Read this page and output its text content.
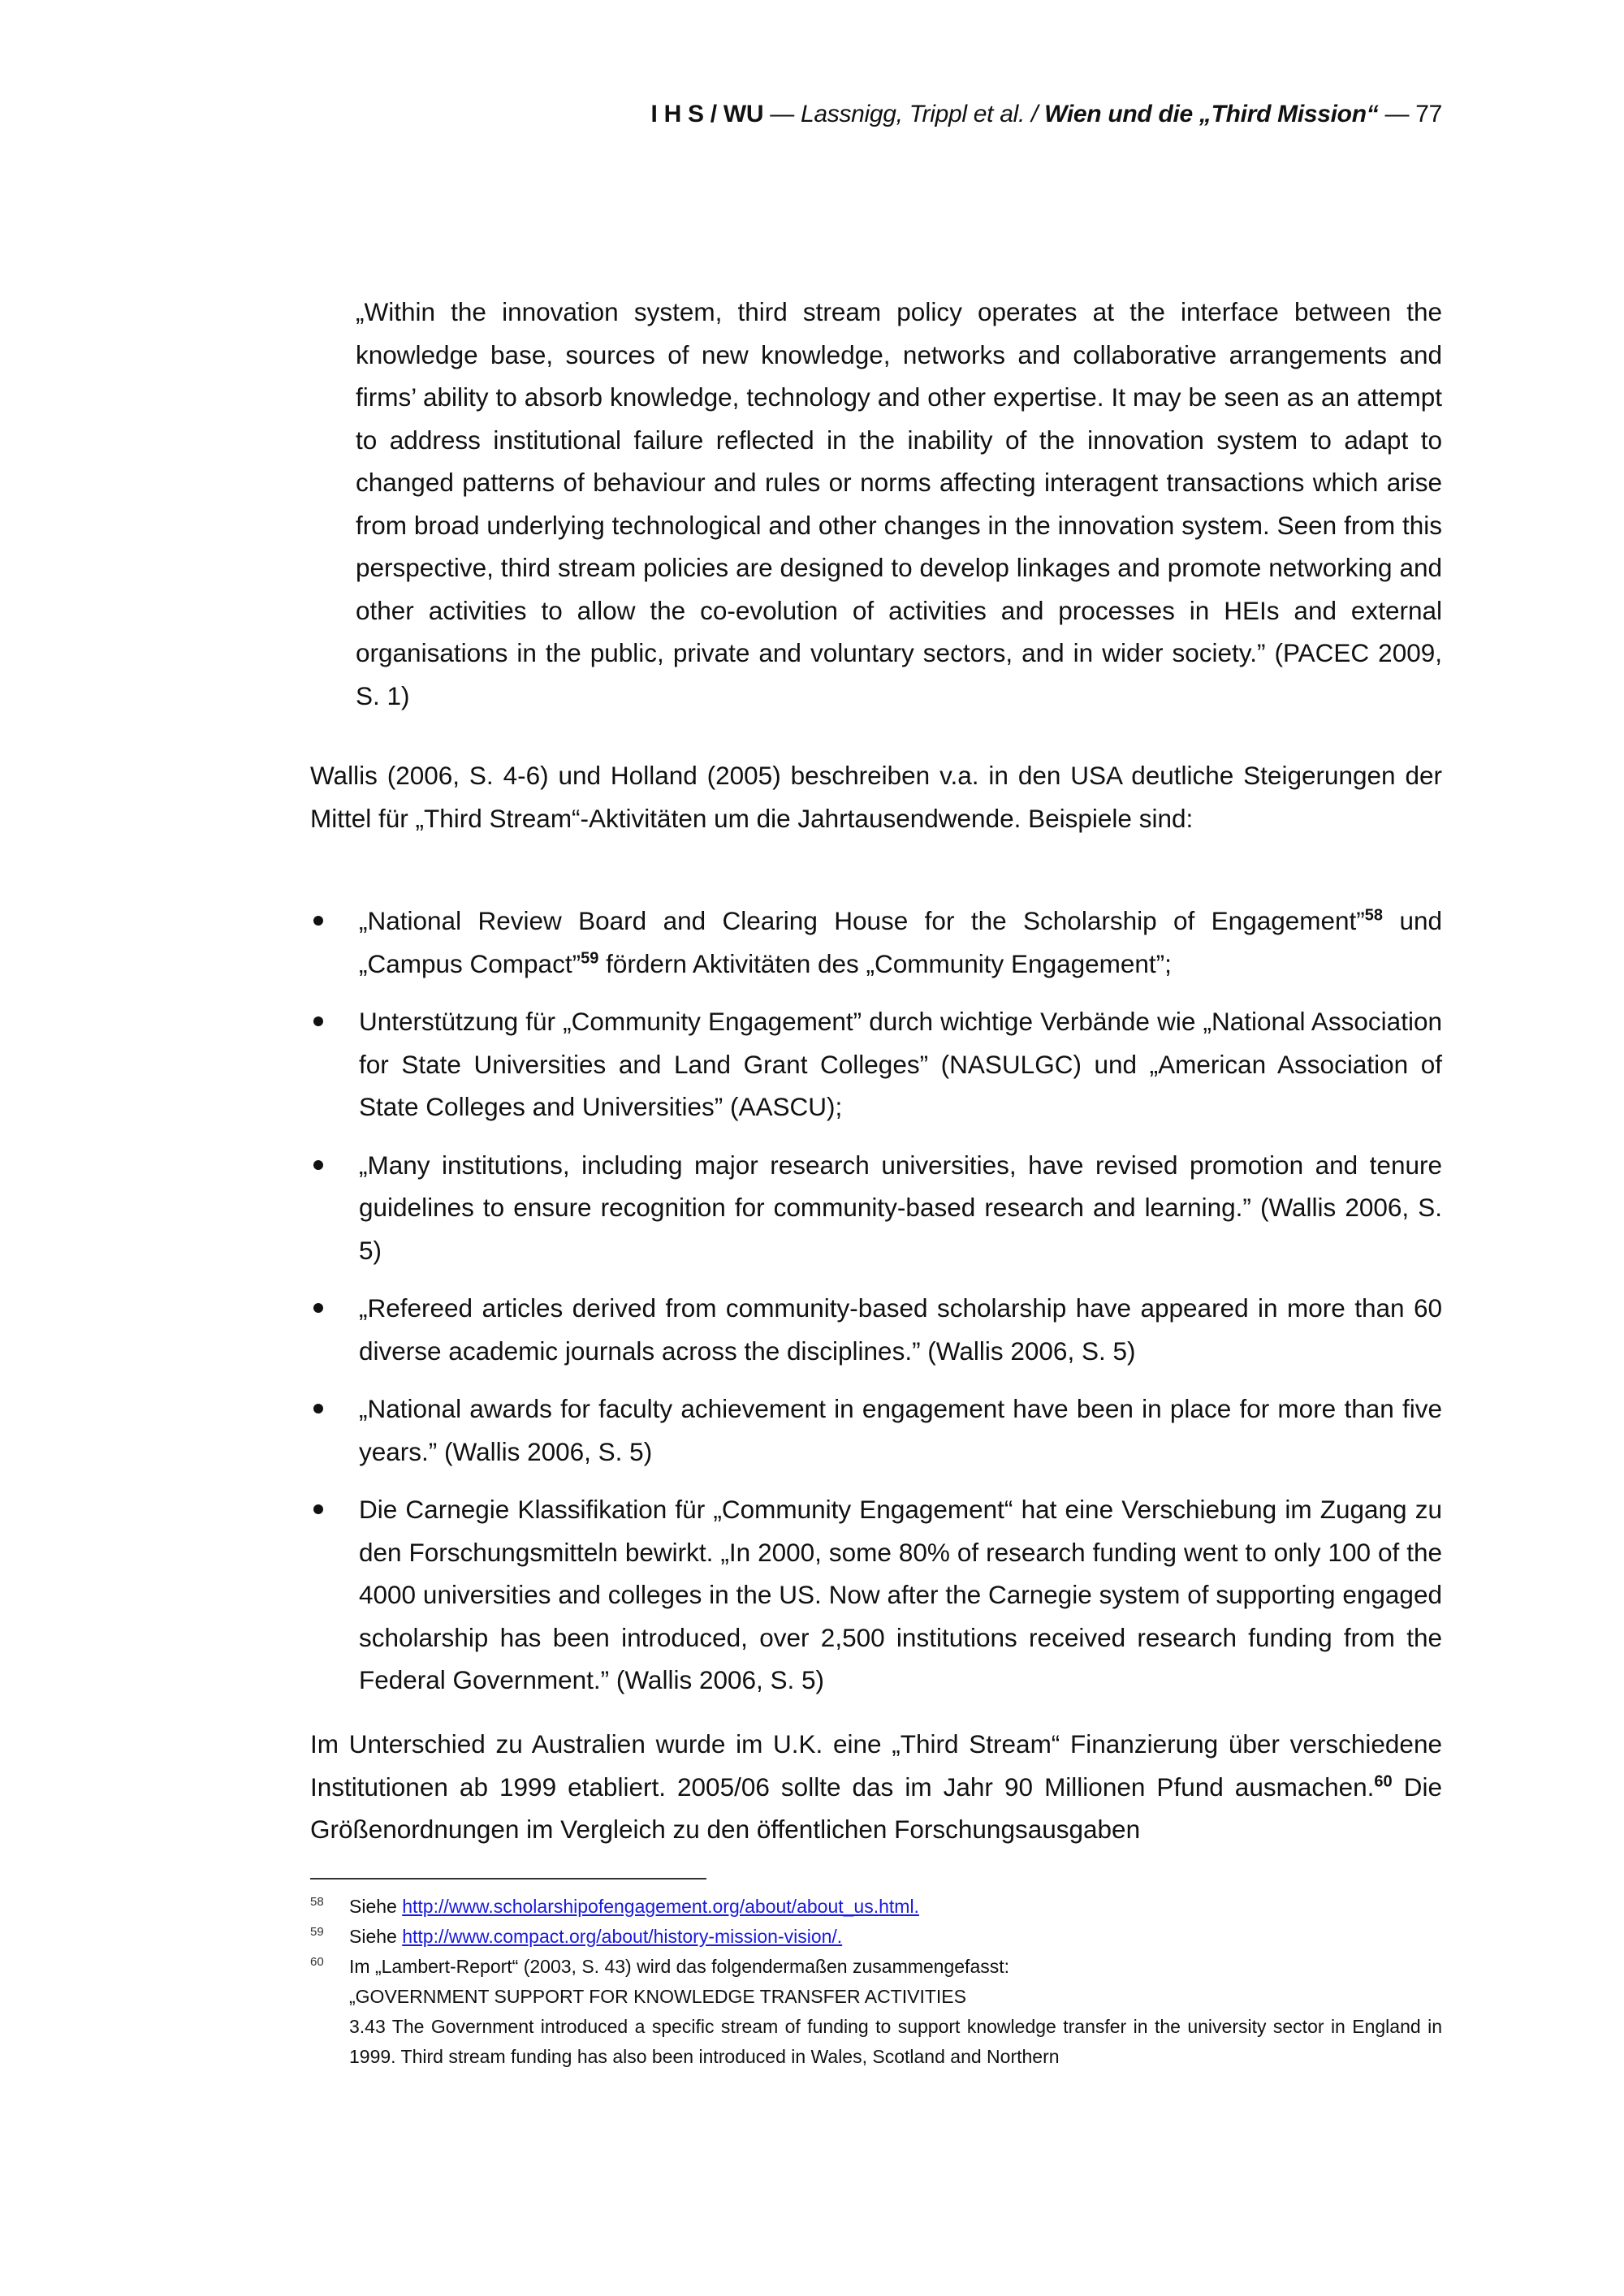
I H S / WU — Lassnigg, Trippl et al. / Wien und die „Third Mission“ — 77
„Within the innovation system, third stream policy operates at the interface between the knowledge base, sources of new knowledge, networks and collaborative arrangements and firms’ ability to absorb knowledge, technology and other expertise. It may be seen as an attempt to address institutional failure reflected in the inability of the innovation system to adapt to changed patterns of behaviour and rules or norms affecting interagent transactions which arise from broad underlying technological and other changes in the innovation system. Seen from this perspective, third stream policies are designed to develop linkages and promote networking and other activities to allow the co-evolution of activities and processes in HEIs and external organisations in the public, private and voluntary sectors, and in wider society.” (PACEC 2009, S. 1)
Wallis (2006, S. 4-6) und Holland (2005) beschreiben v.a. in den USA deutliche Steigerungen der Mittel für „Third Stream“-Aktivitäten um die Jahrtausendwende. Beispiele sind:
„National Review Board and Clearing House for the Scholarship of Engagement”$^{58}$ und „Campus Compact”$^{59}$ fördern Aktivitäten des „Community Engagement”;
Unterstützung für „Community Engagement” durch wichtige Verbände wie „National Association for State Universities and Land Grant Colleges” (NASULGC) und „American Association of State Colleges and Universities” (AASCU);
„Many institutions, including major research universities, have revised promotion and tenure guidelines to ensure recognition for community-based research and learning.” (Wallis 2006, S. 5)
„Refereed articles derived from community-based scholarship have appeared in more than 60 diverse academic journals across the disciplines.” (Wallis 2006, S. 5)
„National awards for faculty achievement in engagement have been in place for more than five years.” (Wallis 2006, S. 5)
Die Carnegie Klassifikation für „Community Engagement“ hat eine Verschiebung im Zugang zu den Forschungsmitteln bewirkt. „In 2000, some 80% of research funding went to only 100 of the 4000 universities and colleges in the US. Now after the Carnegie system of supporting engaged scholarship has been introduced, over 2,500 institutions received research funding from the Federal Government.” (Wallis 2006, S. 5)
Im Unterschied zu Australien wurde im U.K. eine „Third Stream“ Finanzierung über verschiedene Institutionen ab 1999 etabliert. 2005/06 sollte das im Jahr 90 Millionen Pfund ausmachen.$^{60}$ Die Größenordnungen im Vergleich zu den öffentlichen Forschungsausgaben
58 Siehe http://www.scholarshipofengagement.org/about/about_us.html.
59 Siehe http://www.compact.org/about/history-mission-vision/.
60 Im „Lambert-Report“ (2003, S. 43) wird das folgendermaßen zusammengefasst:
„GOVERNMENT SUPPORT FOR KNOWLEDGE TRANSFER ACTIVITIES
3.43 The Government introduced a specific stream of funding to support knowledge transfer in the university sector in England in 1999. Third stream funding has also been introduced in Wales, Scotland and Northern
